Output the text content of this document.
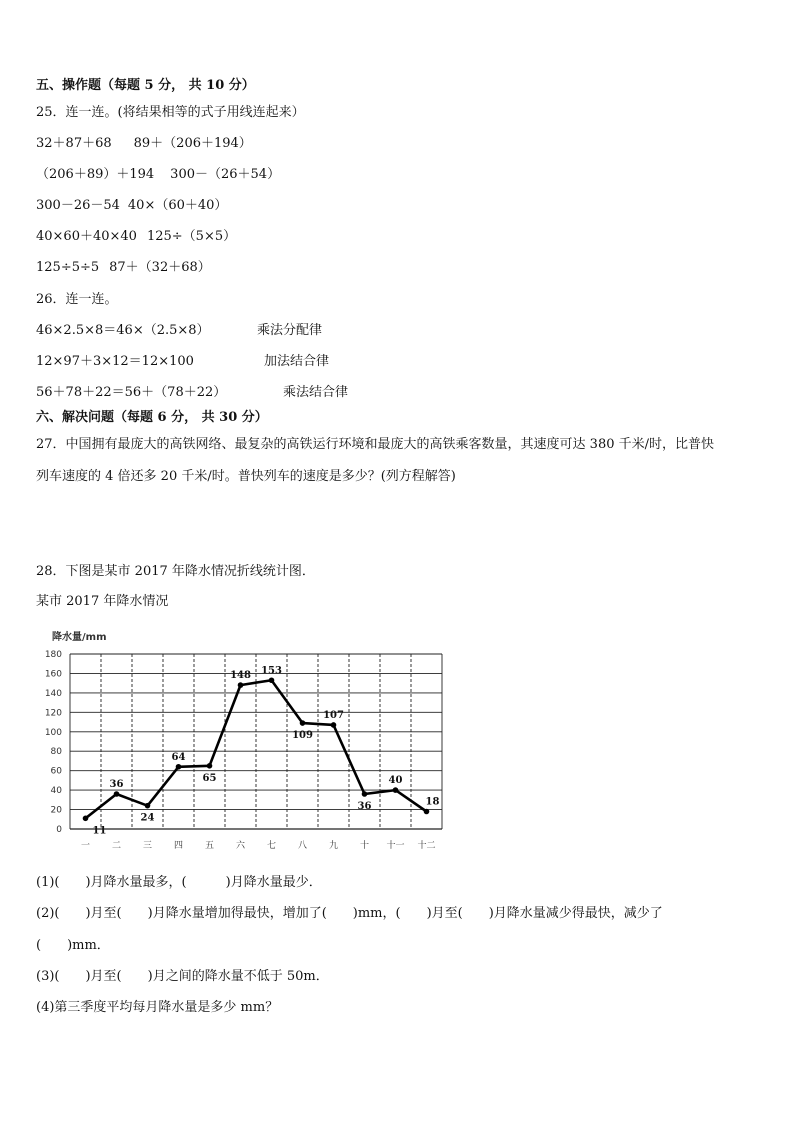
五、操作题（每题 5 分， 共 10 分）
25．连一连。(将结果相等的式子用线连起来）
32＋87＋68 89＋（206＋194）
（206＋89）＋194 300－（26＋54）
300－26－54 40×（60＋40）
40×60＋40×40 125÷（5×5）
125÷5÷5 87＋（32＋68）
26．连一连。
46×2.5×8＝46×（2.5×8）	乘法分配律
12×97＋3×12＝12×100	加法结合律
56＋78＋22＝56＋（78＋22）	乘法结合律
六、解决问题（每题 6 分， 共 30 分）
27．中国拥有最庞大的高铁网络、最复杂的高铁运行环境和最庞大的高铁乘客数量，其速度可达 380 千米/时，比普快
列车速度的 4 倍还多 20 千米/时。普快列车的速度是多少？(列方程解答)
28．下图是某市 2017 年降水情况折线统计图．
某市 2017 年降水情况
0
20
40
60
80
100
120
140
160
180
降水量/mm
一 二 三 四 五 六 七 八 九 十 十一 十二
11
36
24
64
65
148 153
109
107
36
40
18
(1)(　　)月降水量最多，(　　　)月降水量最少．
(2)(　　)月至(　　)月降水量增加得最快，增加了(　　)mm，(　　)月至(　　)月降水量减少得最快，减少了
(　　)mm．
(3)(　　)月至(　　)月之间的降水量不低于 50m．
(4)第三季度平均每月降水量是多少 mm？
